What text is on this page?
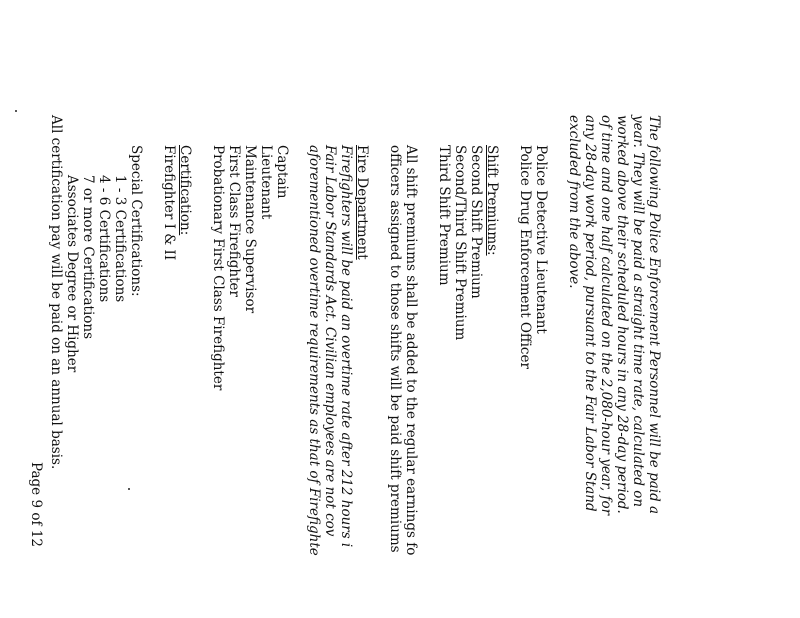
The following Police Enforcement Personnel will be paid a
year. They will be paid a straight time rate, calculated on
worked above their scheduled hours in any 28-day period.
of time and one half calculated on the 2,080-hour year, for
any 28-day work period, pursuant to the Fair Labor Stand
excluded from the above.
Police Detective Lieutenant
Police Drug Enforcement Officer
Shift Premiums:
Second Shift Premium
Second/Third Shift Premium
Third Shift Premium
All shift premiums shall be added to the regular earnings fo
officers assigned to those shifts will be paid shift premiums
Fire Department
Firefighters will be paid an overtime rate after 212 hours i
Fair Labor Standards Act. Civilian employees are not cov
aforementioned overtime requirements as that of Firefighte
Captain
Lieutenant
Maintenance Supervisor
First Class Firefighter
Probationary First Class Firefighter
Certification:
Firefighter I & II
Special Certifications:
1 - 3 Certifications
4 - 6 Certifications
7 or more Certifications
Associates Degree or Higher
All certification pay will be paid on an annual basis.
Page 9 of 12
